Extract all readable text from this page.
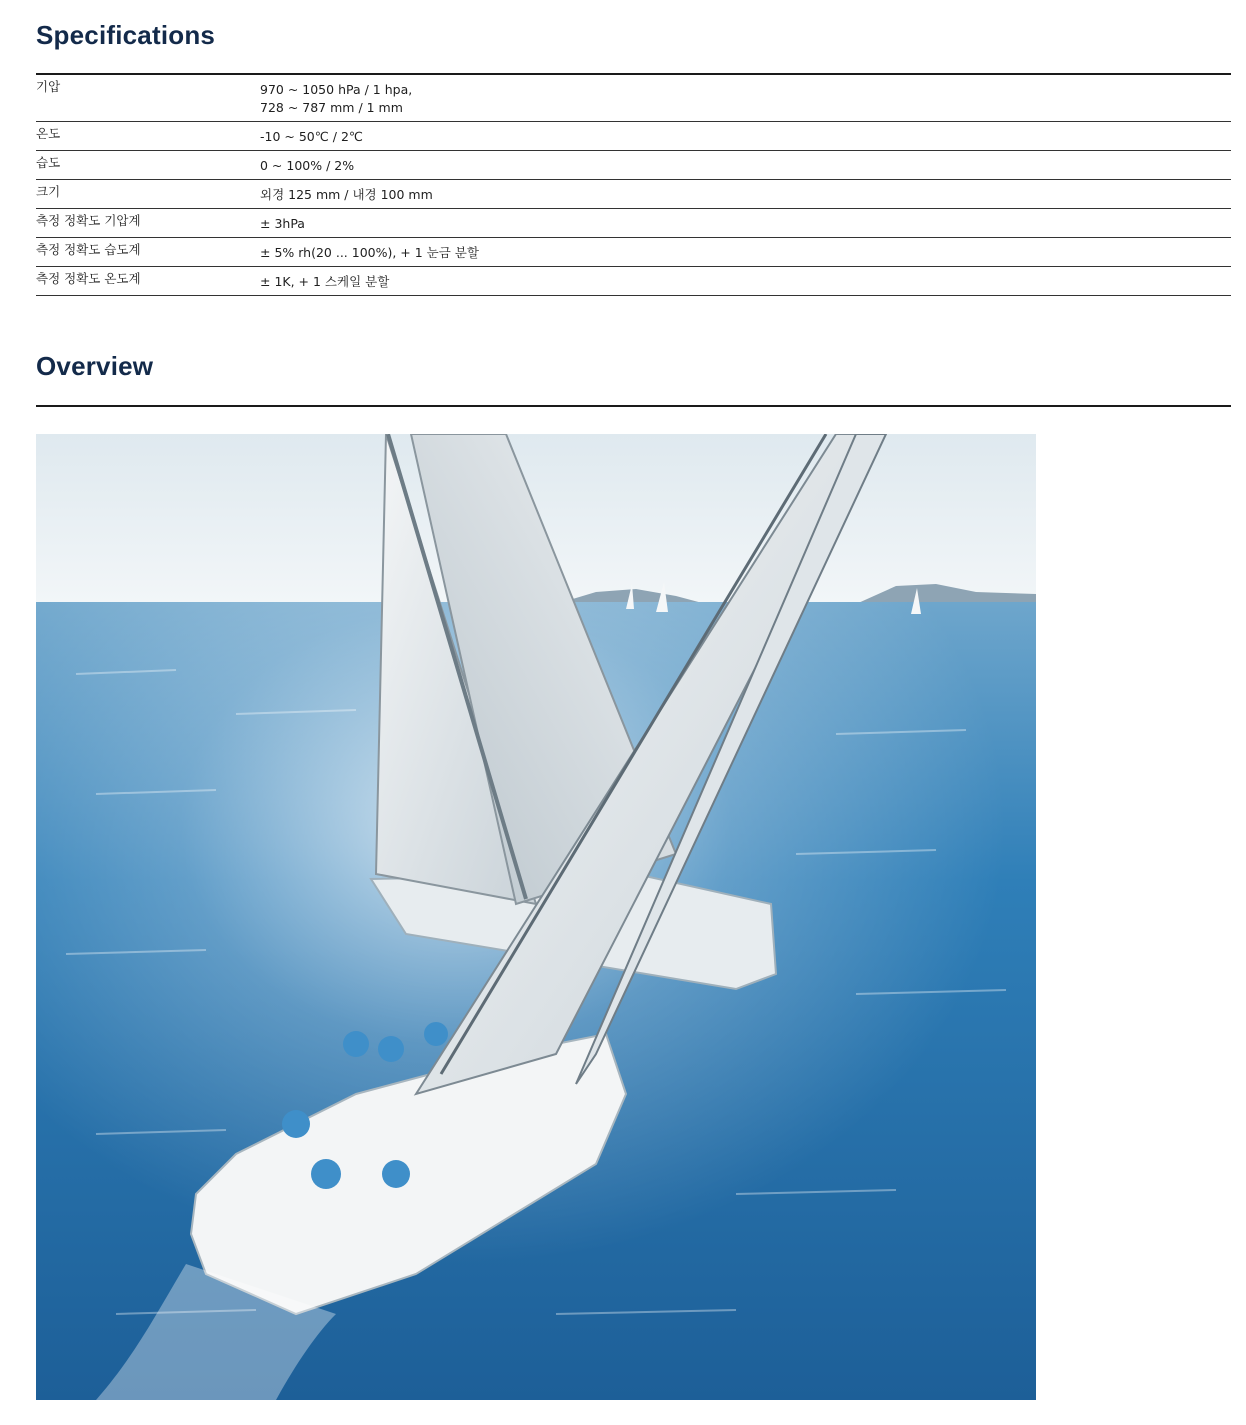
Specifications
기압	970 ~ 1050 hPa / 1 hpa,
728 ~ 787 mm / 1 mm

온도	-10 ~ 50℃ / 2℃

습도	0 ~ 100% / 2%

크기	외경 125 mm / 내경 100 mm

측정 정확도 기압계	± 3hPa

측정 정확도 습도계	± 5% rh(20 ... 100%), + 1 눈금 분할

측정 정확도 온도계	± 1K, + 1 스케일 분할
Overview
